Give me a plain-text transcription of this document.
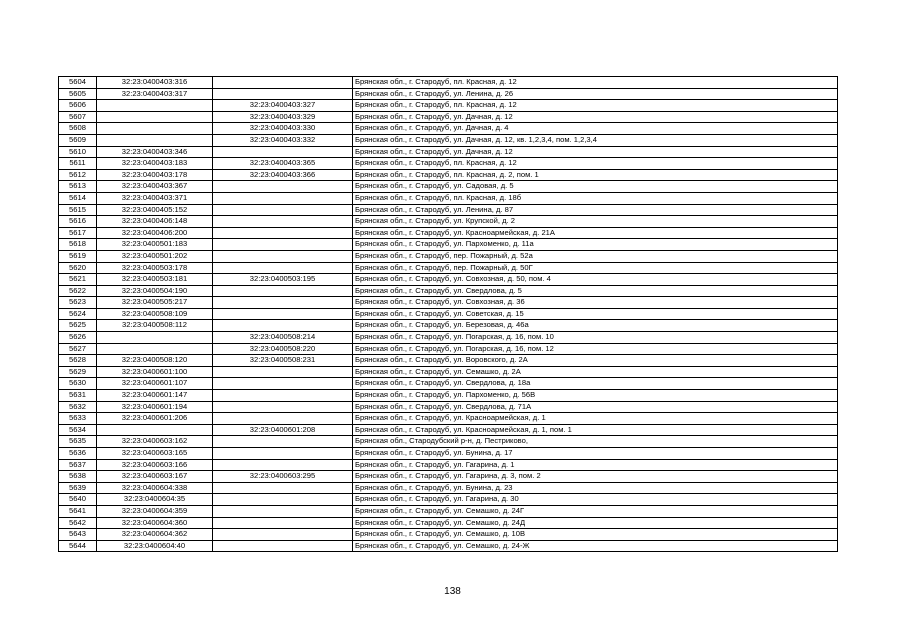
5604	32:23:0400403:316		Брянская обл., г. Стародуб, пл. Красная, д. 12
5605	32:23:0400403:317		Брянская обл., г. Стародуб, ул. Ленина, д. 26
5606		32:23:0400403:327	Брянская обл., г. Стародуб, пл. Красная, д. 12
5607		32:23:0400403:329	Брянская обл., г. Стародуб, ул. Дачная, д. 12
5608		32:23:0400403:330	Брянская обл., г. Стародуб, ул. Дачная, д. 4
5609		32:23:0400403:332	Брянская обл., г. Стародуб, ул. Дачная, д. 12, кв. 1,2,3,4, пом. 1,2,3,4
5610	32:23:0400403:346		Брянская обл., г. Стародуб, ул. Дачная, д. 12
5611	32:23:0400403:183	32:23:0400403:365	Брянская обл., г. Стародуб, пл. Красная, д. 12
5612	32:23:0400403:178	32:23:0400403:366	Брянская обл., г. Стародуб, пл. Красная, д. 2, пом. 1
5613	32:23:0400403:367		Брянская обл., г. Стародуб, ул. Садовая, д. 5
5614	32:23:0400403:371		Брянская обл., г. Стародуб, пл. Красная, д. 18б
5615	32:23:0400405:152		Брянская обл., г. Стародуб, ул. Ленина, д. 87
5616	32:23:0400406:148		Брянская обл., г. Стародуб, ул. Крупской, д. 2
5617	32:23:0400406:200		Брянская обл., г. Стародуб, ул. Красноармейская, д. 21А
5618	32:23:0400501:183		Брянская обл., г. Стародуб, ул. Пархоменко, д. 11а
5619	32:23:0400501:202		Брянская обл., г. Стародуб, пер. Пожарный, д. 52а
5620	32:23:0400503:178		Брянская обл., г. Стародуб, пер. Пожарный, д. 50Г
5621	32:23:0400503:181	32:23:0400503:195	Брянская обл., г. Стародуб, ул. Совхозная, д. 50, пом. 4
5622	32:23:0400504:190		Брянская обл., г. Стародуб, ул. Свердлова, д. 5
5623	32:23:0400505:217		Брянская обл., г. Стародуб, ул. Совхозная, д. 36
5624	32:23:0400508:109		Брянская обл., г. Стародуб, ул. Советская, д. 15
5625	32:23:0400508:112		Брянская обл., г. Стародуб, ул. Березовая, д. 46а
5626		32:23:0400508:214	Брянская обл., г. Стародуб, ул. Погарская, д. 16, пом. 10
5627		32:23:0400508:220	Брянская обл., г. Стародуб, ул. Погарская, д. 16, пом. 12
5628	32:23:0400508:120	32:23:0400508:231	Брянская обл., г. Стародуб, ул. Воровского, д. 2А
5629	32:23:0400601:100		Брянская обл., г. Стародуб, ул. Семашко, д. 2А
5630	32:23:0400601:107		Брянская обл., г. Стародуб, ул. Свердлова, д. 18а
5631	32:23:0400601:147		Брянская обл., г. Стародуб, ул. Пархоменко, д. 56В
5632	32:23:0400601:194		Брянская обл., г. Стародуб, ул. Свердлова, д. 71А
5633	32:23:0400601:206		Брянская обл., г. Стародуб, ул. Красноармейская, д. 1
5634		32:23:0400601:208	Брянская обл., г. Стародуб, ул. Красноармейская, д. 1, пом. 1
5635	32:23:0400603:162		Брянская обл., Стародубский р-н, д. Пестриково,
5636	32:23:0400603:165		Брянская обл., г. Стародуб, ул. Бунина, д. 17
5637	32:23:0400603:166		Брянская обл., г. Стародуб, ул. Гагарина, д. 1
5638	32:23:0400603:167	32:23:0400603:295	Брянская обл., г. Стародуб, ул. Гагарина, д. 3, пом. 2
5639	32:23:0400604:338		Брянская обл., г. Стародуб, ул. Бунина, д. 23
5640	32:23:0400604:35		Брянская обл., г. Стародуб, ул. Гагарина, д. 30
5641	32:23:0400604:359		Брянская обл., г. Стародуб, ул. Семашко, д. 24Г
5642	32:23:0400604:360		Брянская обл., г. Стародуб, ул. Семашко, д. 24Д
5643	32:23:0400604:362		Брянская обл., г. Стародуб, ул. Семашко, д. 10В
5644	32:23:0400604:40		Брянская обл., г. Стародуб, ул. Семашко, д. 24-Ж
138
